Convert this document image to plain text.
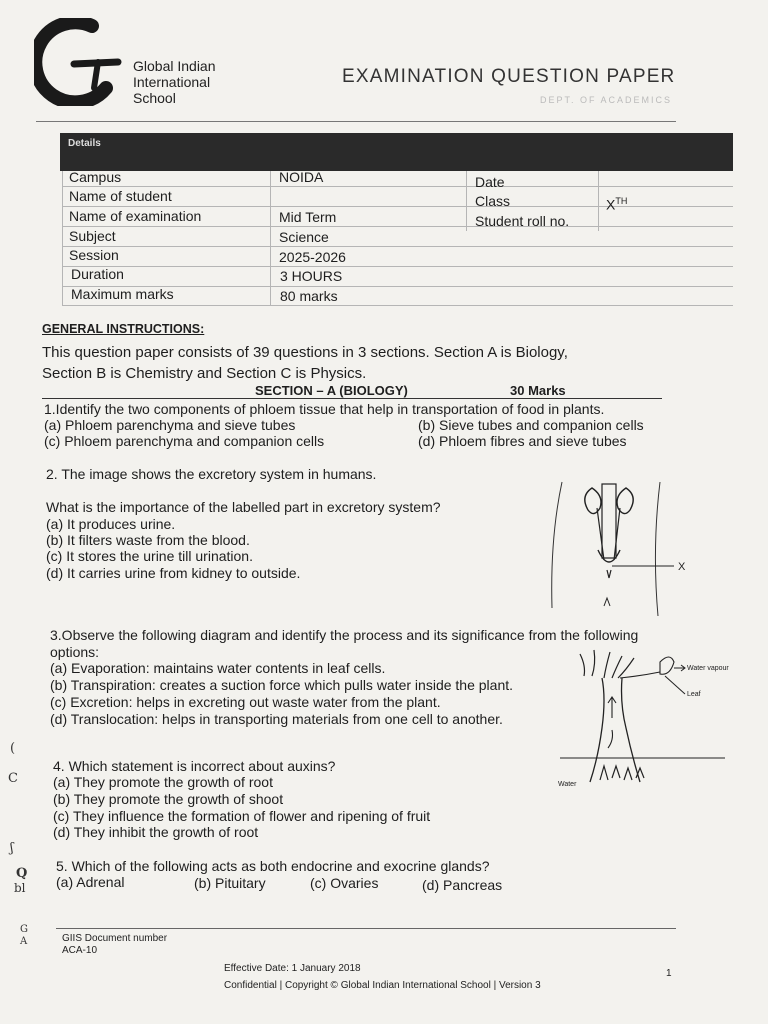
Global Indian
International
School
EXAMINATION QUESTION PAPER
DEPT. OF ACADEMICS
Details
Campus	NOIDA
Name of student
Name of examination	Mid Term
Subject	Science
Session	2025-2026
Duration	3 HOURS
Maximum marks	80 marks
Date
Class	XTH
Student roll no.
GENERAL INSTRUCTIONS:
This question paper consists of 39 questions in 3 sections. Section A is Biology,
Section B is Chemistry and Section C is Physics.
SECTION – A (BIOLOGY)	30 Marks
1.Identify the two components of phloem tissue that help in transportation of food in plants.
(a) Phloem parenchyma and sieve tubes	(b) Sieve tubes and companion cells
(c) Phloem parenchyma and companion cells	(d) Phloem fibres and sieve tubes
2. The image shows the excretory system in humans.
What is the importance of the labelled part in excretory system?
(a) It produces urine.
(b) It filters waste from the blood.
(c) It stores the urine till urination.
(d) It carries urine from kidney to outside.	X
3.Observe the following diagram and identify the process and its significance from the following
options:
(a) Evaporation: maintains water contents in leaf cells.
(b) Transpiration: creates a suction force which pulls water inside the plant.
(c) Excretion: helps in excreting out waste water from the plant.
(d) Translocation: helps in transporting materials from one cell to another.
Water vapour
Leaf
Water
4. Which statement is incorrect about auxins?
(a) They promote the growth of root
(b) They promote the growth of shoot
(c) They influence the formation of flower and ripening of fruit
(d) They inhibit the growth of root
5. Which of the following acts as both endocrine and exocrine glands?
(a) Adrenal	(b) Pituitary	(c) Ovaries	(d) Pancreas
(
C
ʃ
Q
bl
G
A	GIIS Document number
ACA-10
Effective Date: 1 January 2018
Confidential | Copyright © Global Indian International School | Version 3
1
